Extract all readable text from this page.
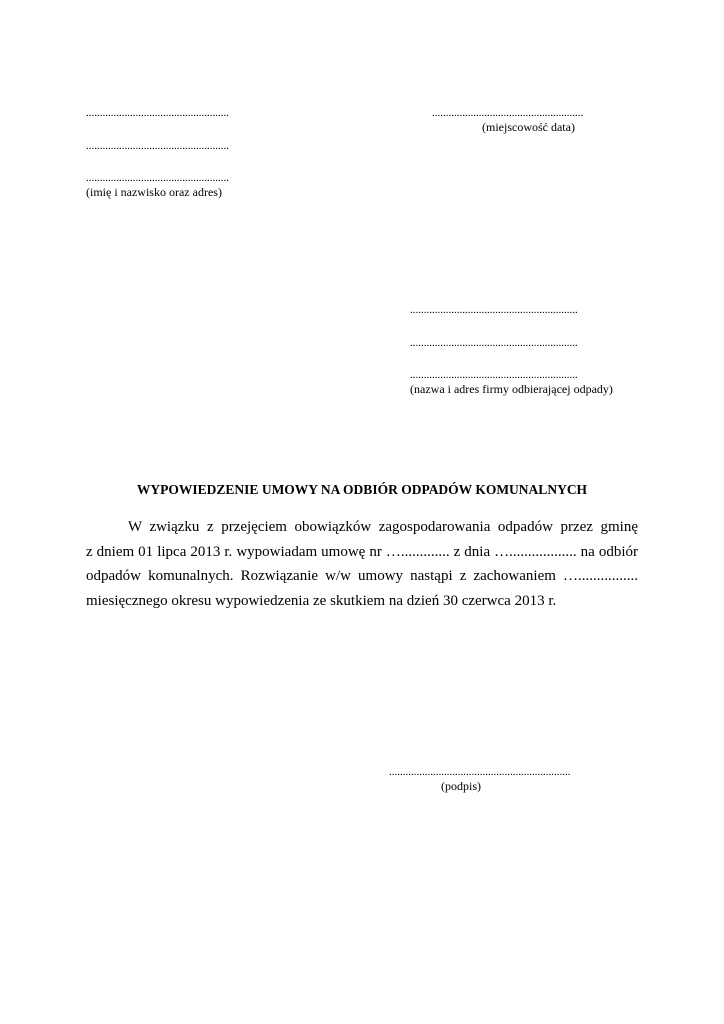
....................................................
....................................................
....................................................
(imię i nazwisko oraz adres)
.......................................................
(miejscowość data)
.............................................................
.............................................................
.............................................................
(nazwa i adres firmy odbierającej odpady)
WYPOWIEDZENIE UMOWY NA ODBIÓR ODPADÓW KOMUNALNYCH
W związku z przejęciem obowiązków zagospodarowania odpadów przez gminę
z dniem 01 lipca 2013 r. wypowiadam umowę nr …............. z dnia ….................. na odbiór
odpadów komunalnych. Rozwiązanie w/w umowy nastąpi z zachowaniem …................
miesięcznego okresu wypowiedzenia ze skutkiem na dzień 30 czerwca 2013 r.
..................................................................
(podpis)
